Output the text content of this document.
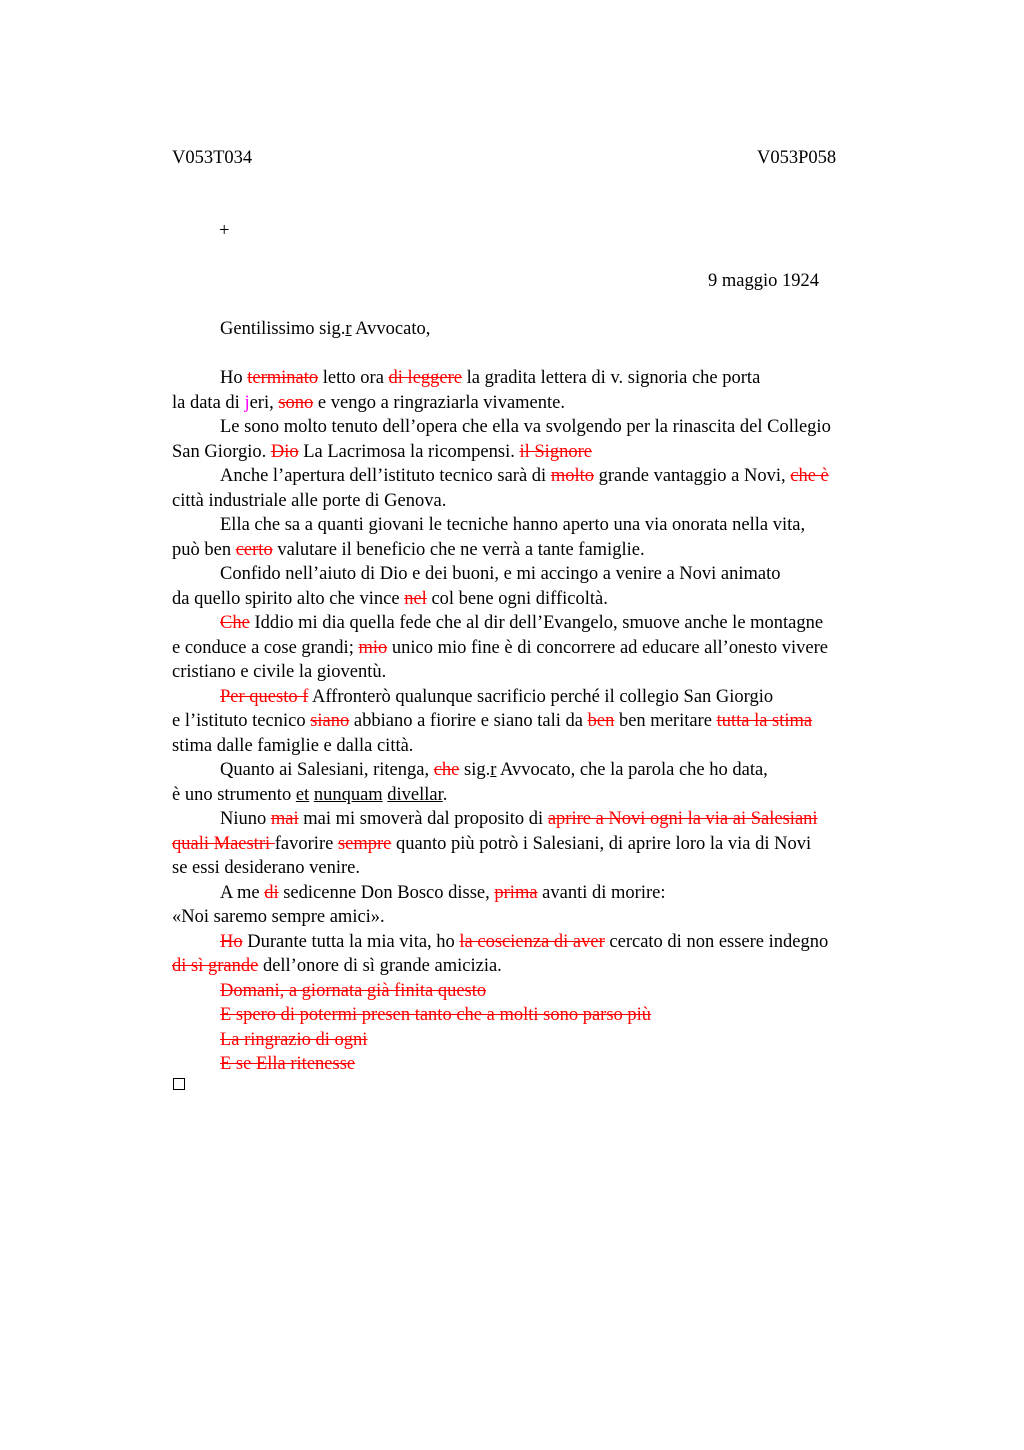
V053T034	V053P058
+
9 maggio 1924
Gentilissimo sig.r Avvocato,
Ho terminato letto ora di leggere la gradita lettera di v. signoria che porta
la data di jeri, sono e vengo a ringraziarla vivamente.
Le sono molto tenuto dell’opera che ella va svolgendo per la rinascita del Collegio
San Giorgio. Dio La Lacrimosa la ricompensi. il Signore
Anche l’apertura dell’istituto tecnico sarà di molto grande vantaggio a Novi, che è
città industriale alle porte di Genova.
Ella che sa a quanti giovani le tecniche hanno aperto una via onorata nella vita,
può ben certo valutare il beneficio che ne verrà a tante famiglie.
Confido nell’aiuto di Dio e dei buoni, e mi accingo a venire a Novi animato
da quello spirito alto che vince nel col bene ogni difficoltà.
Che Iddio mi dia quella fede che al dir dell’Evangelo, smuove anche le montagne
e conduce a cose grandi; mio unico mio fine è di concorrere ad educare all’onesto vivere
cristiano e civile la gioventù.
Per questo f Affronterò qualunque sacrificio perché il collegio San Giorgio
e l’istituto tecnico siano abbiano a fiorire e siano tali da ben ben meritare tutta la stima
stima dalle famiglie e dalla città.
Quanto ai Salesiani, ritenga, che sig.r Avvocato, che la parola che ho data,
è uno strumento et nunquam divellar.
Niuno mai mai mi smoverà dal proposito di aprire a Novi ogni la via ai Salesiani
quali Maestri favorire sempre quanto più potrò i Salesiani, di aprire loro la via di Novi
se essi desiderano venire.
A me di sedicenne Don Bosco disse, prima avanti di morire:
«Noi saremo sempre amici».
Ho Durante tutta la mia vita, ho la coscienza di aver cercato di non essere indegno
di sì grande dell’onore di sì grande amicizia.
Domani, a giornata già finita questo
E spero di potermi presen tanto che a molti sono parso più
La ringrazio di ogni
E se Ella ritenesse
